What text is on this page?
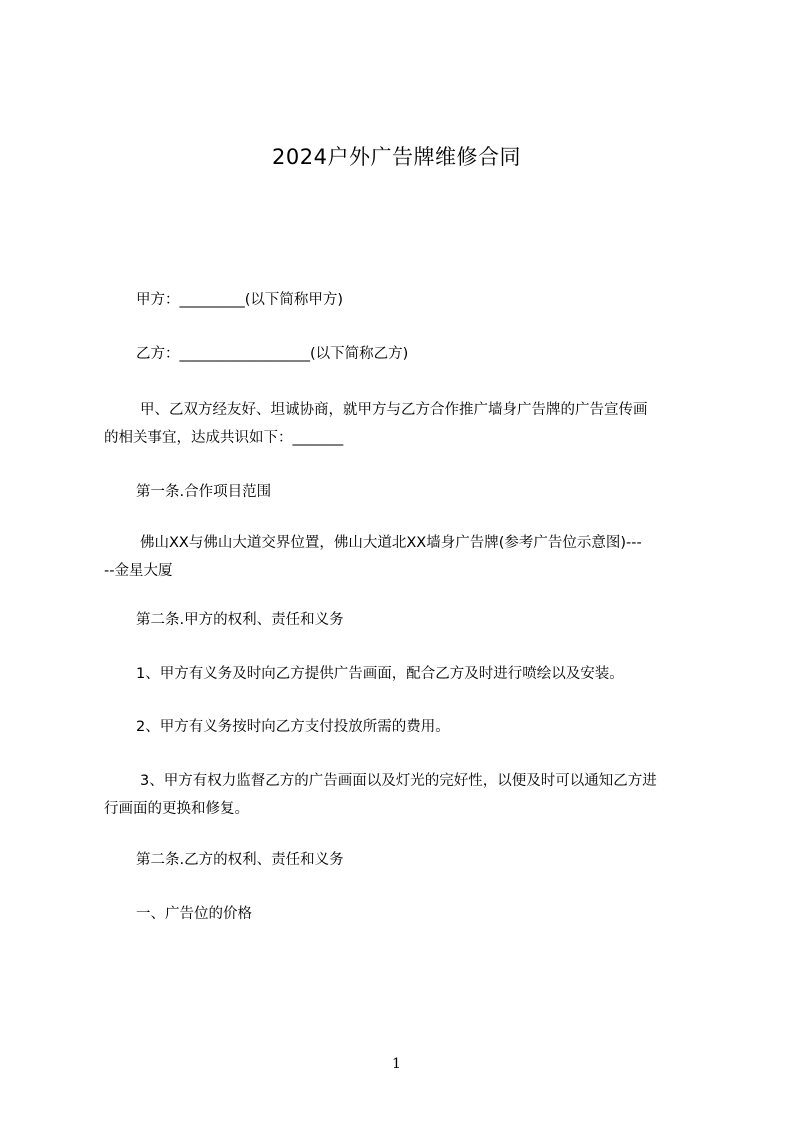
2024户外广告牌维修合同
甲方：_________(以下简称甲方)
乙方：__________________(以下简称乙方)
甲、乙双方经友好、坦诚协商，就甲方与乙方合作推广墙身广告牌的广告宣传画
的相关事宜，达成共识如下：_______
第一条.合作项目范围
佛山XX与佛山大道交界位置，佛山大道北XX墙身广告牌(参考广告位示意图)---
--金星大厦
第二条.甲方的权利、责任和义务
1、甲方有义务及时向乙方提供广告画面，配合乙方及时进行喷绘以及安装。
2、甲方有义务按时向乙方支付投放所需的费用。
3、甲方有权力监督乙方的广告画面以及灯光的完好性，以便及时可以通知乙方进
行画面的更换和修复。
第二条.乙方的权利、责任和义务
一、广告位的价格
1
